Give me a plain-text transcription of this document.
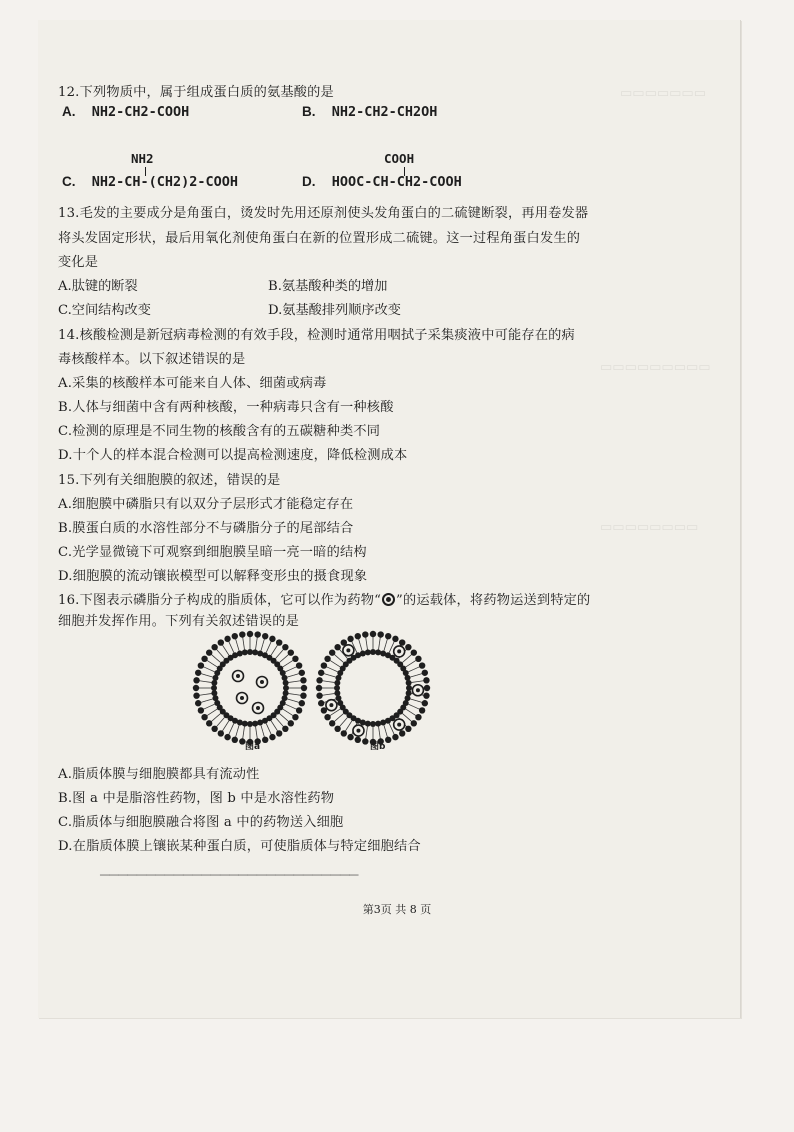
▭▭▭▭▭▭▭
▭▭▭▭▭▭▭▭▭
▭▭▭▭▭▭▭▭
12.下列物质中，属于组成蛋白质的氨基酸的是
A. NH2-CH2-COOH	B. NH2-CH2-CH2OH
NH2
C. NH2-CH-(CH2)2-COOH
COOH
D. HOOC-CH-CH2-COOH
13.毛发的主要成分是角蛋白，烫发时先用还原剂使头发角蛋白的二硫键断裂，再用卷发器
将头发固定形状，最后用氧化剂使角蛋白在新的位置形成二硫键。这一过程角蛋白发生的
变化是
A.肽键的断裂	B.氨基酸种类的增加
C.空间结构改变	D.氨基酸排列顺序改变
14.核酸检测是新冠病毒检测的有效手段，检测时通常用咽拭子采集痰液中可能存在的病
毒核酸样本。以下叙述错误的是
A.采集的核酸样本可能来自人体、细菌或病毒
B.人体与细菌中含有两种核酸，一种病毒只含有一种核酸
C.检测的原理是不同生物的核酸含有的五碳糖种类不同
D.十个人的样本混合检测可以提高检测速度，降低检测成本
15.下列有关细胞膜的叙述，错误的是
A.细胞膜中磷脂只有以双分子层形式才能稳定存在
B.膜蛋白质的水溶性部分不与磷脂分子的尾部结合
C.光学显微镜下可观察到细胞膜呈暗一亮一暗的结构
D.细胞膜的流动镶嵌模型可以解释变形虫的摄食现象
16.下图表示磷脂分子构成的脂质体，它可以作为药物“ ”的运载体，将药物运送到特定的
细胞并发挥作用。下列有关叙述错误的是
图a	图b
A.脂质体膜与细胞膜都具有流动性
B.图 a 中是脂溶性药物，图 b 中是水溶性药物
C.脂质体与细胞膜融合将图 a 中的药物送入细胞
D.在脂质体膜上镶嵌某种蛋白质，可使脂质体与特定细胞结合
▁▁▁▁▁▁▁▁▁▁▁▁▁▁▁▁▁▁▁▁▁▁▁▁▁▁▁▁
第3页 共 8 页
